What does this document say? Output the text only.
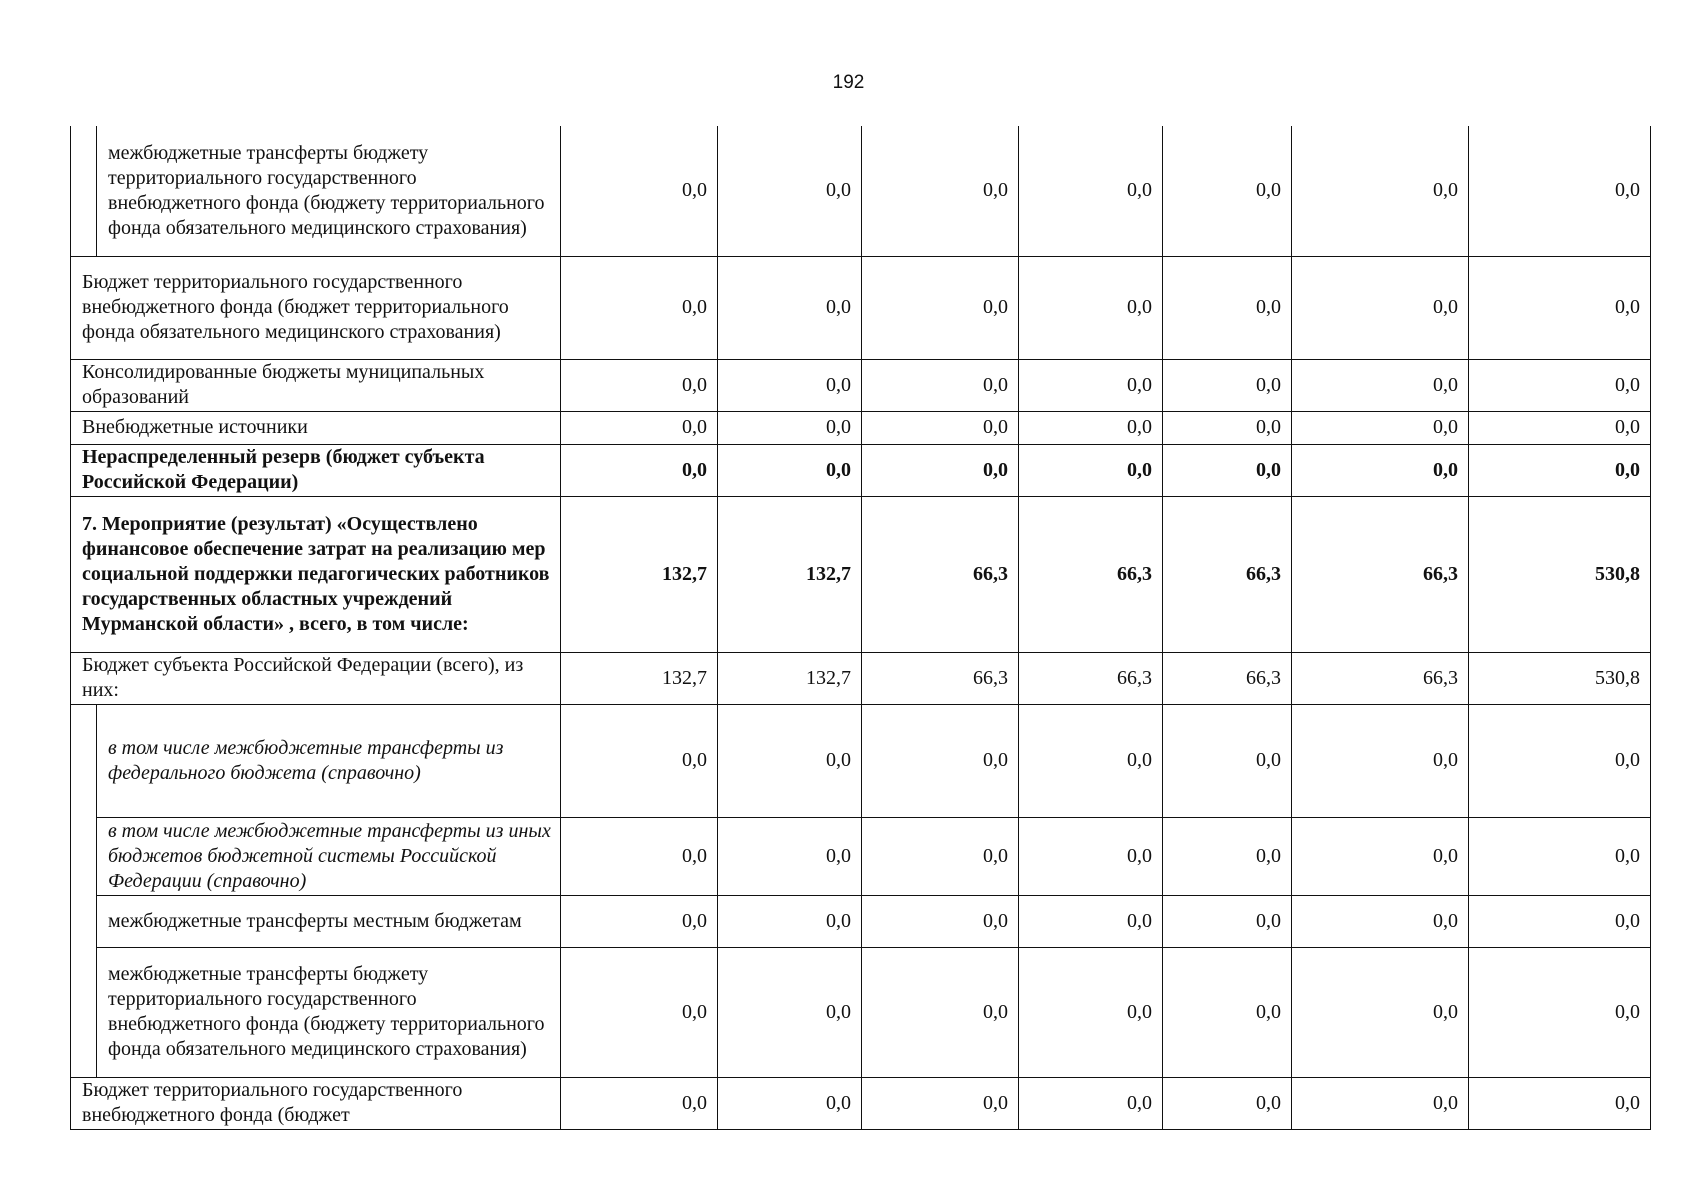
192
	межбюджетные трансферты бюджету территориального государственного внебюджетного фонда (бюджету территориального фонда обязательного медицинского страхования)	0,0	0,0	0,0	0,0	0,0	0,0	0,0
Бюджет территориального государственного внебюджетного фонда (бюджет территориального фонда обязательного медицинского страхования)		0,0	0,0	0,0	0,0	0,0	0,0	0,0
Консолидированные бюджеты муниципальных образований		0,0	0,0	0,0	0,0	0,0	0,0	0,0
Внебюджетные источники		0,0	0,0	0,0	0,0	0,0	0,0	0,0
Нераспределенный резерв (бюджет субъекта Российской Федерации)		0,0	0,0	0,0	0,0	0,0	0,0	0,0
7. Мероприятие (результат) «Осуществлено финансовое обеспечение затрат на реализацию мер социальной поддержки педагогических работников государственных областных учреждений Мурманской области» , всего, в том числе:		132,7	132,7	66,3	66,3	66,3	66,3	530,8
Бюджет субъекта Российской Федерации (всего), из них:		132,7	132,7	66,3	66,3	66,3	66,3	530,8
	в том числе межбюджетные трансферты из федерального бюджета (справочно)	0,0	0,0	0,0	0,0	0,0	0,0	0,0
	в том числе межбюджетные трансферты из иных бюджетов бюджетной системы Российской Федерации (справочно)	0,0	0,0	0,0	0,0	0,0	0,0	0,0
	межбюджетные трансферты местным бюджетам	0,0	0,0	0,0	0,0	0,0	0,0	0,0
	межбюджетные трансферты бюджету территориального государственного внебюджетного фонда (бюджету территориального фонда обязательного медицинского страхования)	0,0	0,0	0,0	0,0	0,0	0,0	0,0
Бюджет территориального государственного внебюджетного фонда (бюджет		0,0	0,0	0,0	0,0	0,0	0,0	0,0
